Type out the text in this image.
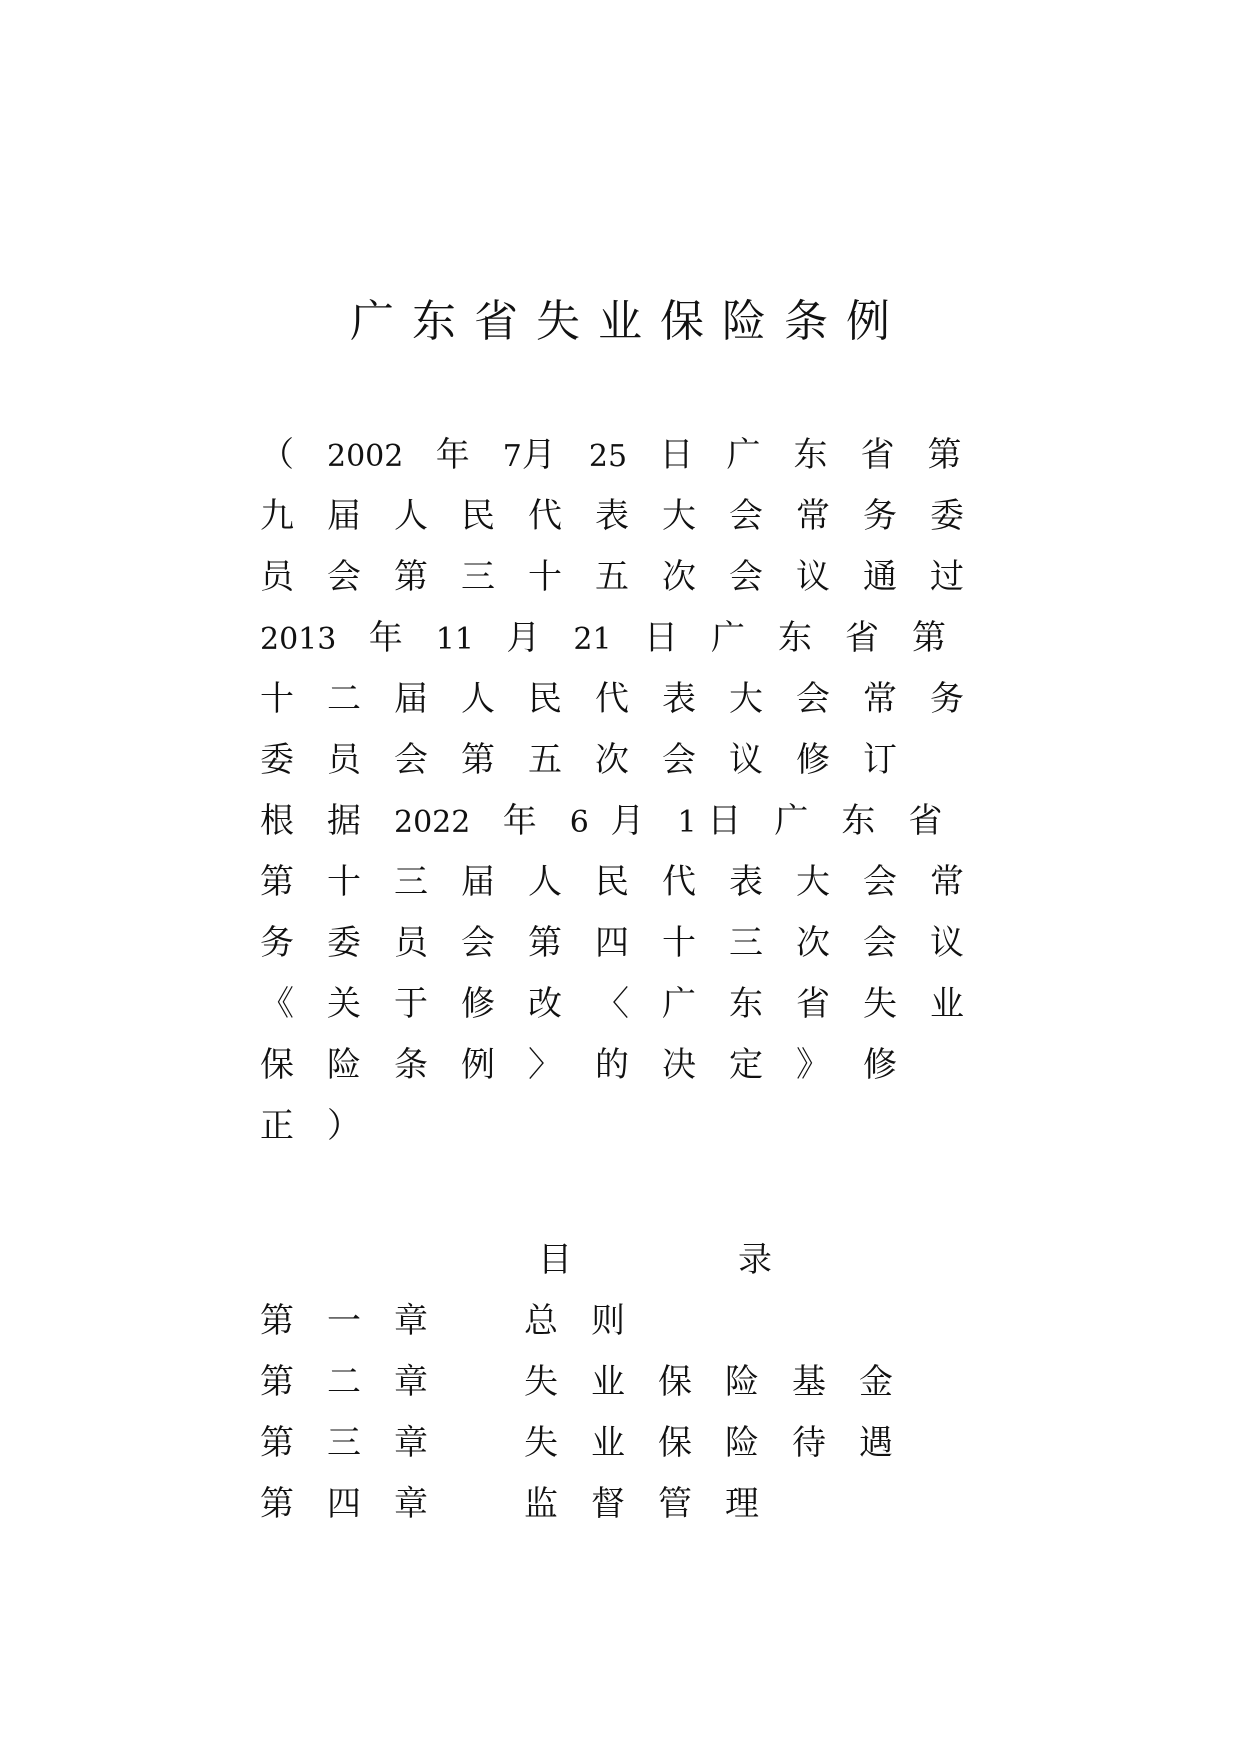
广东省失业保险条例
（2002 年7月25 日广东省第
九届人民代表大会常务委
员会第三十五次会议通过
2013 年11 月21 日广东省第
十二届人民代表大会常务
委员会第五次会议修订
根据2022 年6 月1 日广东省
第十三届人民代表大会常
务委员会第四十三次会议
《关于修改〈广东省失业
保险条例〉的决定》修
正）
目	录
第一章 总则
第二章 失业保险基金
第三章 失业保险待遇
第四章 监督管理
